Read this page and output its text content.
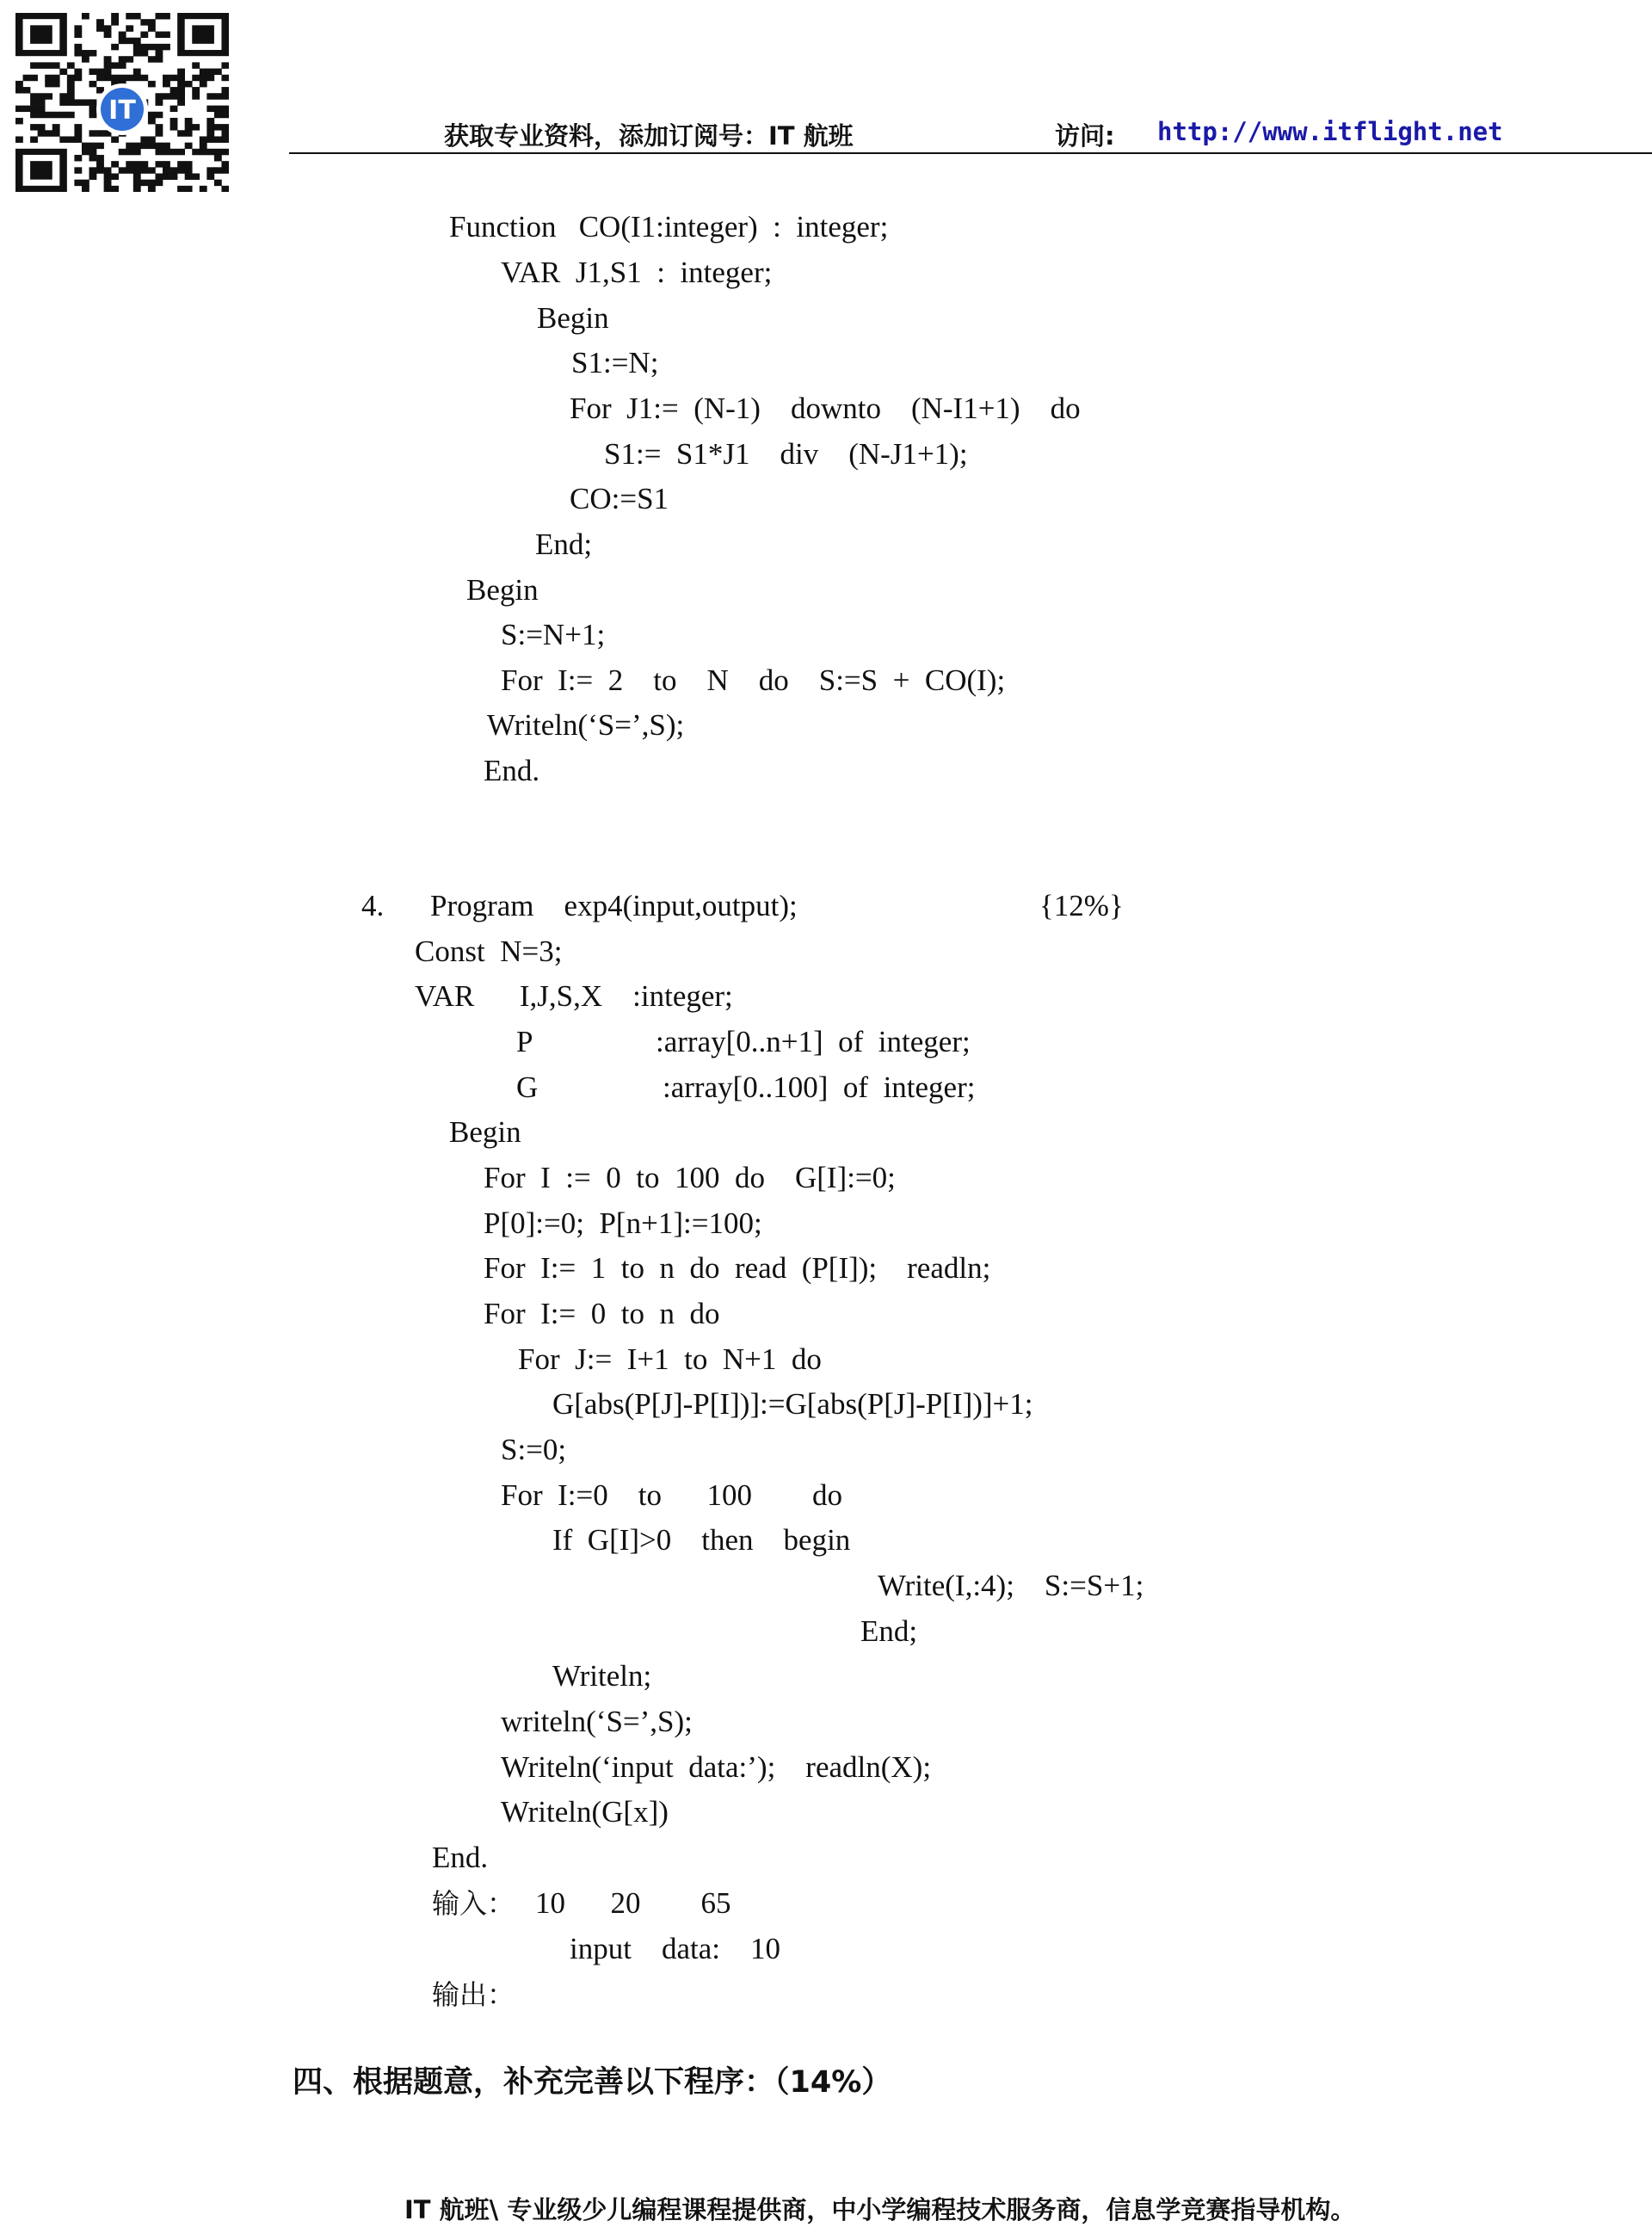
IT
获取专业资料，添加订阅号：IT 航班	访问: http://www.itflight.net
Function   CO(I1:integer)  :  integer;
VAR  J1,S1  :  integer;
Begin
S1:=N;
For  J1:=  (N-1)    downto    (N-I1+1)    do
S1:=  S1*J1    div    (N-J1+1);
CO:=S1
End;
Begin
S:=N+1;
For  I:=  2    to    N    do    S:=S  +  CO(I);
Writeln(‘S=’,S);
End.
4. Program    exp4(input,output);	{12%}
Const  N=3;
VAR      I,J,S,X    :integer;
P	:array[0..n+1]  of  integer;
G	:array[0..100]  of  integer;
Begin
For  I  :=  0  to  100  do    G[I]:=0;
P[0]:=0;  P[n+1]:=100;
For  I:=  1  to  n  do  read  (P[I]);    readln;
For  I:=  0  to  n  do
For  J:=  I+1  to  N+1  do
G[abs(P[J]-P[I])]:=G[abs(P[J]-P[I])]+1;
S:=0;
For  I:=0    to      100        do
If  G[I]>0    then    begin
Write(I,:4);    S:=S+1;
End;
Writeln;
writeln(‘S=’,S);
Writeln(‘input  data:’);    readln(X);
Writeln(G[x])
End.
输入： 10      20        65
input    data:    10
输出：
四、根据题意，补充完善以下程序：（14%）
IT 航班\ 专业级少儿编程课程提供商，中小学编程技术服务商，信息学竞赛指导机构。
